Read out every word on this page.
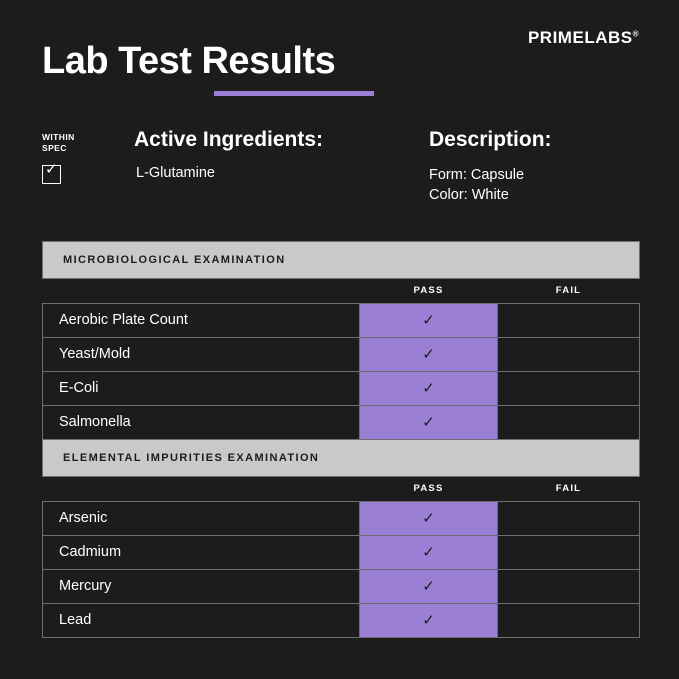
PRIMELABS®
Lab Test Results
WITHIN
SPEC
✓
Active Ingredients:
L-Glutamine
Description:
Form: Capsule
Color: White
MICROBIOLOGICAL EXAMINATION		
	PASS	FAIL
Aerobic Plate Count	✓	
Yeast/Mold	✓	
E-Coli	✓	
Salmonella	✓	
ELEMENTAL IMPURITIES EXAMINATION		
	PASS	FAIL
Arsenic	✓	
Cadmium	✓	
Mercury	✓	
Lead	✓	
